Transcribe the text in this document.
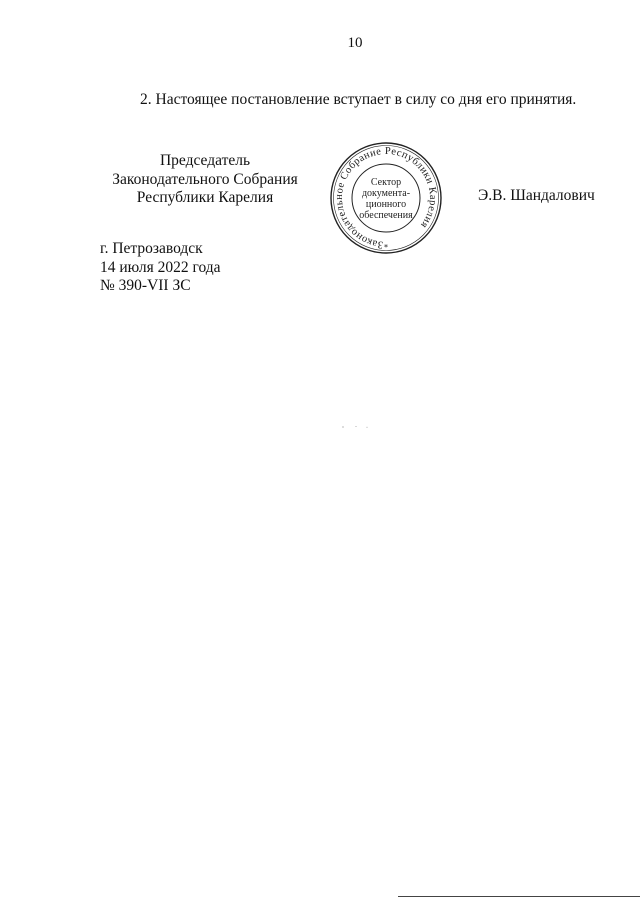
10
2. Настоящее постановление вступает в силу со дня его принятия.
Председатель
Законодательного Собрания
Республики Карелия
Законодательное Собрание Республики Карелия
*
Сектор
документа-
ционного
обеспечения
Э.В. Шандалович
г. Петрозаводск
14 июля 2022 года
№ 390-VII ЗС
